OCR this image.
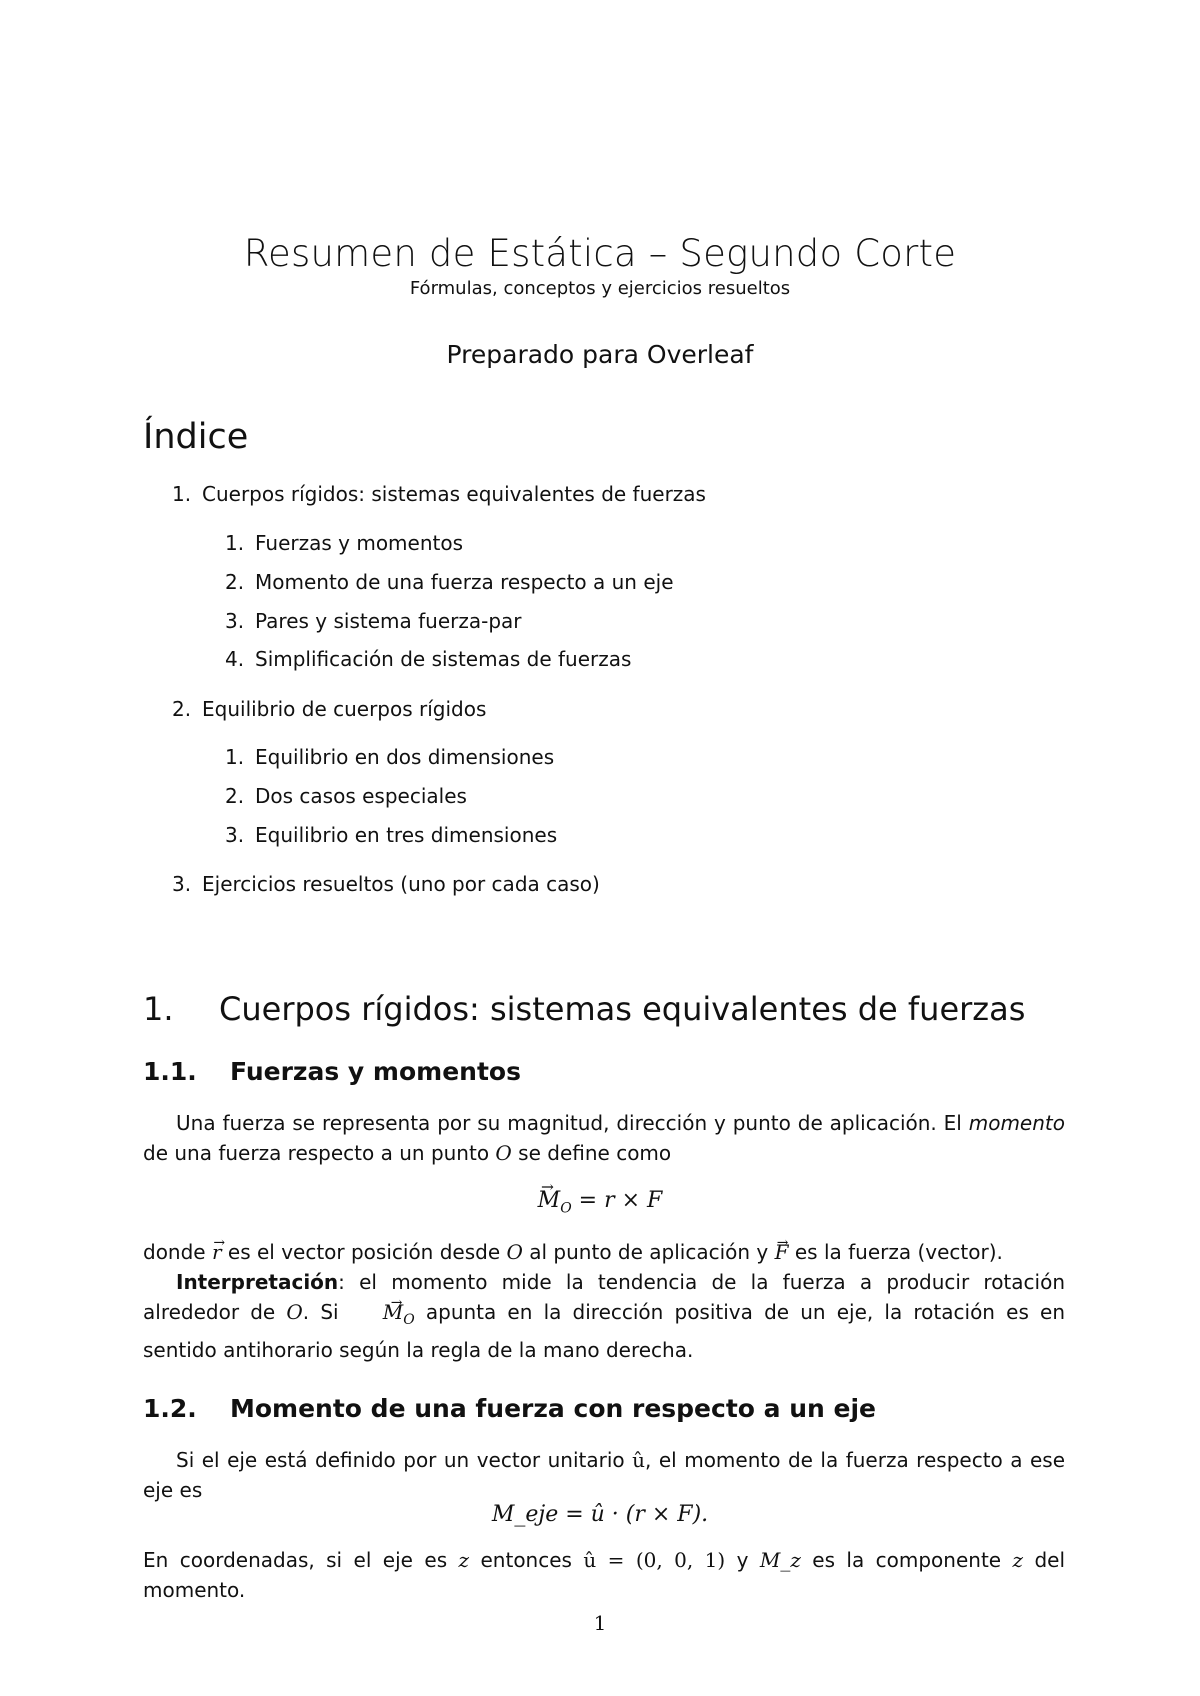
Resumen de Estática – Segundo Corte
Fórmulas, conceptos y ejercicios resueltos
Preparado para Overleaf
Índice
1. Cuerpos rígidos: sistemas equivalentes de fuerzas
1. Fuerzas y momentos
2. Momento de una fuerza respecto a un eje
3. Pares y sistema fuerza-par
4. Simplificación de sistemas de fuerzas
2. Equilibrio de cuerpos rígidos
1. Equilibrio en dos dimensiones
2. Dos casos especiales
3. Equilibrio en tres dimensiones
3. Ejercicios resueltos (uno por cada caso)
1. Cuerpos rígidos: sistemas equivalentes de fuerzas
1.1. Fuerzas y momentos
Una fuerza se representa por su magnitud, dirección y punto de aplicación. El momento de una fuerza respecto a un punto O se define como
→ $M_O = r \times F$
donde → r es el vector posición desde O al punto de aplicación y → F es la fuerza (vector).
Interpretación: el momento mide la tendencia de la fuerza a producir rotación alrededor de O. $Si \to M_O$ apunta en la dirección positiva de un eje, la rotación es en sentido antihorario según la regla de la mano derecha.
1.2. Momento de una fuerza con respecto a un eje
Si el eje está definido por un vector unitario û, el momento de la fuerza respecto a ese eje es
M_eje = û · (r × F).
En coordenadas, si el eje es z entonces û = (0, 0, 1) y M_z es la componente z del momento.
1
